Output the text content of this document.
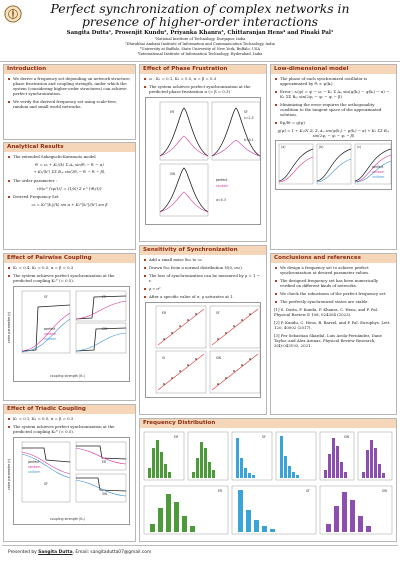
Perfect synchronization of complex networks in presence of higher-order interactions
Sangita Dutta¹, Prosenjit Kundu², Priyanka Khanra³, Chittaranjan Hens⁴ and Pinaki Pal¹
¹National Institute of Technology, Durgapur, India
²Dhirubhai Ambani Institute of Information and Communication Technology, India
³University at Buffalo, State University of New York, Buffalo, USA
⁴International Institute of Information Technology, Hyderabad, India
Introduction
We derive a frequency set depending on network structure, phase frustration and coupling strength, under which the system (considering higher-order structures) can achieve perfect synchronization.
We verify the derived frequency set using scale-free, random and small world networks.
Analytical Results
The extended Sakaguchi-Kuramoto model
θ̇ᵢ = ωᵢ + K₁/⟨k⟩ Σ Aᵢⱼ sin(θⱼ − θᵢ − α)
+ K₂/⟨k²⟩ ΣΣ Bᵢⱼₗ sin(2θⱼ − θₗ − θᵢ − β),
The order parameter :
r(t)e^{iψ(t)} = (1/N) Σ e^{iθⱼ(t)}
Derived Frequency Set
ωᵢ = K₁ᴰ|kᵢ|/⟨k⟩ sin α + K₂ᴰ|kᵢ²|/⟨k²⟩ sin β
Effect of Pairwise Coupling
K₁ = 0.4, K₂ = 0.5, α = β = 0.3
The system achieves perfect synchronization at the predicted coupling K₁ᴰ (= 0.5).
SF	ER
SW
perfect
random
uniform
coupling strength (K₁)
order parameter (r)
Effect of Triadic Coupling
K₁ = 0.1, K₂ = 0.5, α = β = 0.3
The system achieves perfect synchronization at the predicted coupling K₂ᴰ (= 0.5).
SF
ER
SW
perfect
random
uniform
coupling strength (K₂)
order parameter (r)
Effect of Phase Frustration
ω : K₁ = 0.1, K₂ = 0.5, α = β = 0.3
The system achieves perfect synchronization at the predicted phase frustration α (= β = 0.3)
ER	SF
SW
γ=2.5
K=0.1
perfect
random
α=0.3
Sensitivity of Synchronization
Add a small noise δωᵢ to ωᵢ.
Drawn δωᵢ from a normal distribution N(0, σω).
The loss of synchronization can be measured by ρ = 1 − r.
ρ ∝ σ²
After a specific value of σ, ρ saturates at 1.
ER	SF
SI	SW
Low-dimensional model
The phase of each synchronized oscillator is approximated by θᵢ ≈ ψ(kᵢ)
Error : εᵢ(ψ) = ψ̇ − ωᵢ − K₁ Σ Aᵢⱼ sin(ψ(kⱼ) − ψ(kᵢ) − α) − K₂ ΣΣ Bᵢⱼₗ sin(2ψⱼ − ψₗ − ψᵢ − β)
Minimizing the error requires the orthogonality condition to the tangent space of the approximated solution.
δψ/δt = g(ψ)
g(ψ) = 1 + K₁/N Σₖ Σⱼ Aᵢⱼ sin(ψ(kⱼ) − ψ(kᵢ) − α) + K₂ ΣΣ Bᵢⱼₗ sin(2ψⱼ − ψₗ − ψᵢ − β)
(a)	(b)	(c)
perfect
random
uniform
Conclusions and references
We design a frequency set to achieve perfect synchronization at desired parameter values.
The designed frequency set has been numerically verified on different kinds of networks.
We check the robustness of the perfect frequency set.
The perfectly synchronized states are stable.
[1] S. Dutta, P. Kundu, P. Khanra, C. Hens, and P. Pal. Physical Review E 108, 024304 (2023).
[2] P. Kundu, C. Hens, B. Barzel, and P. Pal. Europhys. Lett. 120, 40002 (2017).
[3] Per Sebastian Skardal, Luis Arola-Fernández, Dane Taylor, and Alex Arenas. Physical Review Research, 3(4):043193, 2021.
Frequency Distribution
ER	SF	SW
ER	SF	SW
Presented by Sangita Dutta, Email: sangitadutta07@gmail.com
